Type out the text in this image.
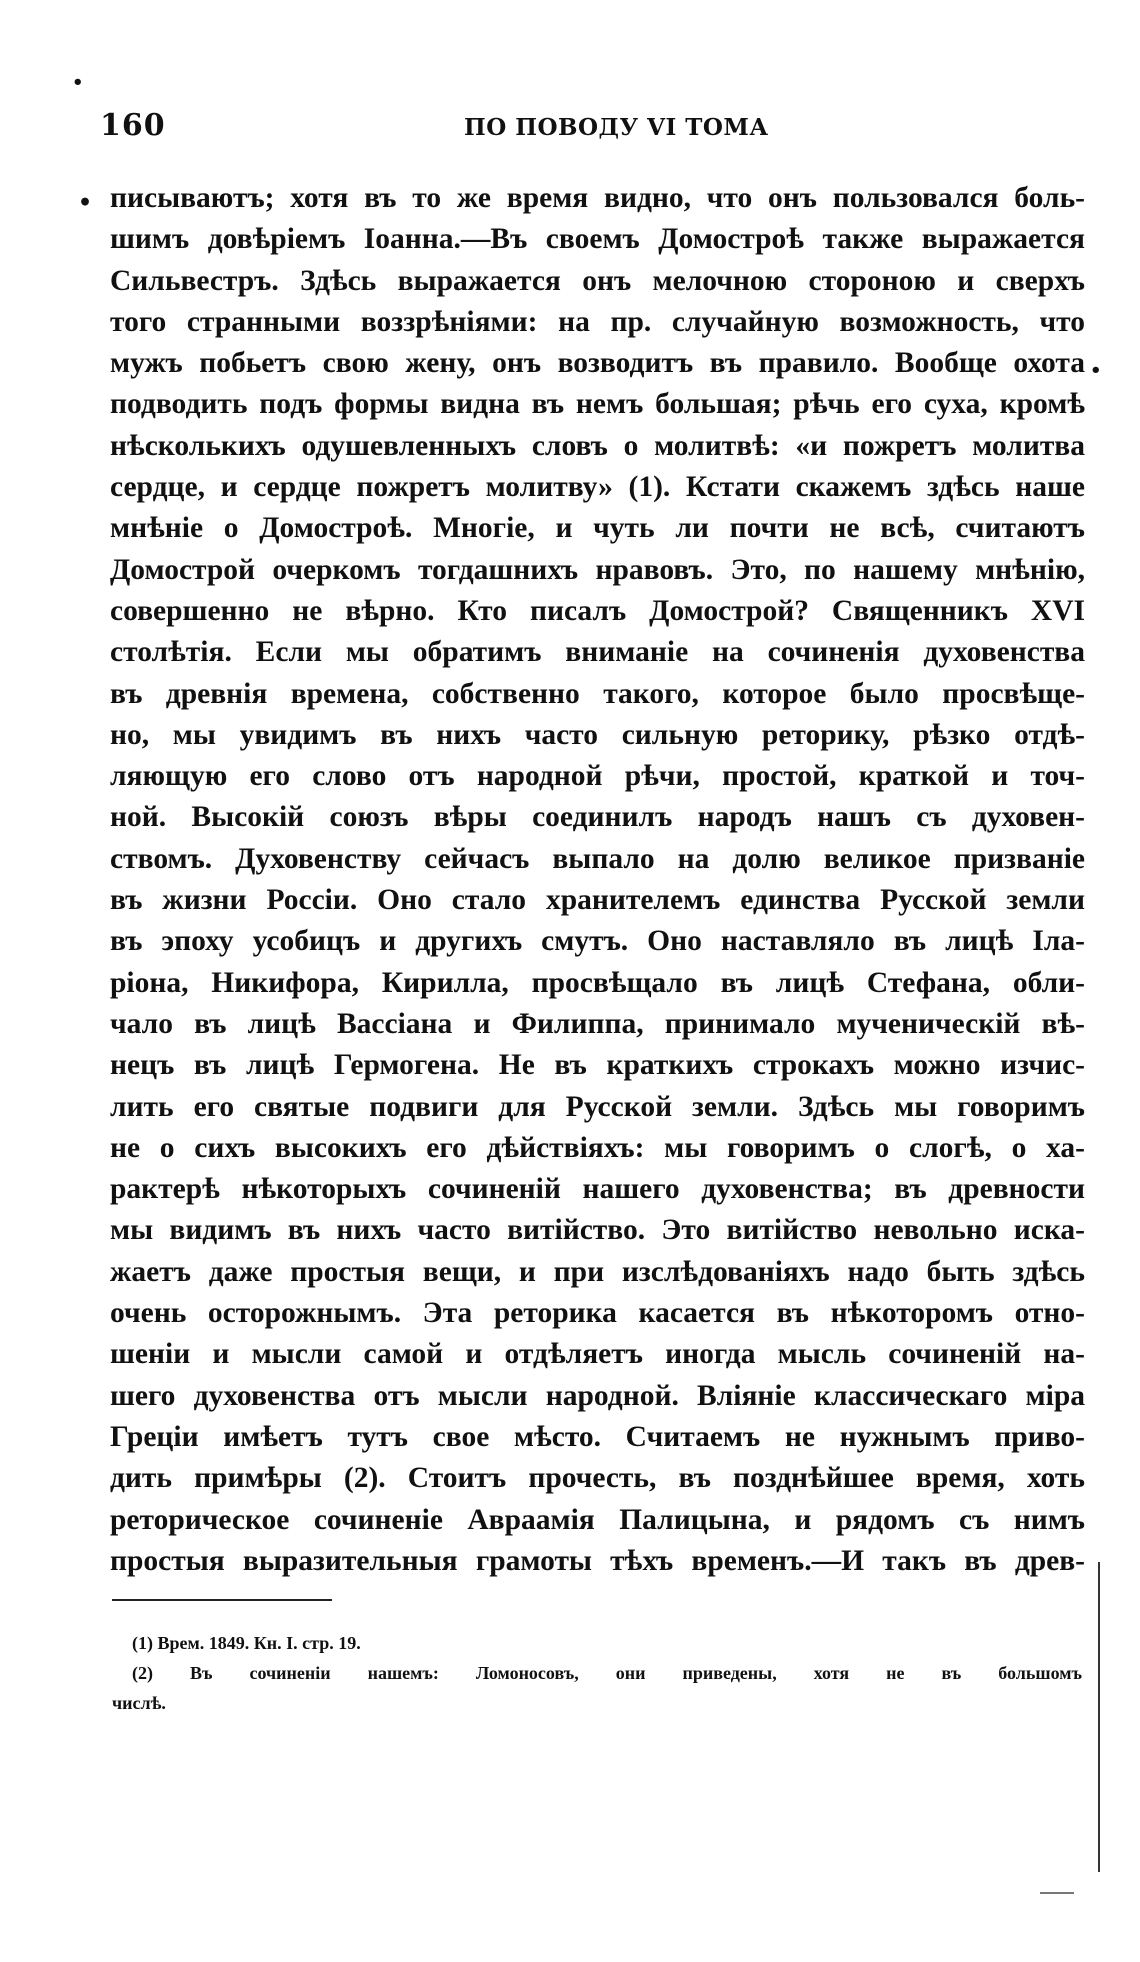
160	ПО ПОВОДУ VI ТОМА
•
•
•
писываютъ; хотя въ то же время видно, что онъ пользовался боль-
шимъ довѣріемъ Іоанна.—Въ своемъ Домостроѣ также выражается
Сильвестръ. Здѣсь выражается онъ мелочною стороною и сверхъ
того странными воззрѣніями: на пр. случайную возможность, что
мужъ побьетъ свою жену, онъ возводитъ въ правило. Вообще охота
подводить подъ формы видна въ немъ большая; рѣчь его суха, кромѣ
нѣсколькихъ одушевленныхъ словъ о молитвѣ: «и пожретъ молитва
сердце, и сердце пожретъ молитву» (1). Кстати скажемъ здѣсь наше
мнѣніе о Домостроѣ. Многіе, и чуть ли почти не всѣ, считаютъ
Домострой очеркомъ тогдашнихъ нравовъ. Это, по нашему мнѣнію,
совершенно не вѣрно. Кто писалъ Домострой? Священникъ XVI
столѣтія. Если мы обратимъ вниманіе на сочиненія духовенства
въ древнія времена, собственно такого, которое было просвѣще-
но, мы увидимъ въ нихъ часто сильную реторику, рѣзко отдѣ-
ляющую его слово отъ народной рѣчи, простой, краткой и точ-
ной. Высокій союзъ вѣры соединилъ народъ нашъ съ духовен-
ствомъ. Духовенству сейчасъ выпало на долю великое призваніе
въ жизни Россіи. Оно стало хранителемъ единства Русской земли
въ эпоху усобицъ и другихъ смутъ. Оно наставляло въ лицѣ Іла-
ріона, Никифора, Кирилла, просвѣщало въ лицѣ Стефана, обли-
чало въ лицѣ Вассіана и Филиппа, принимало мученическій вѣ-
нецъ въ лицѣ Гермогена. Не въ краткихъ строкахъ можно изчис-
лить его святые подвиги для Русской земли. Здѣсь мы говоримъ
не о сихъ высокихъ его дѣйствіяхъ: мы говоримъ о слогѣ, о ха-
рактерѣ нѣкоторыхъ сочиненій нашего духовенства; въ древности
мы видимъ въ нихъ часто витійство. Это витійство невольно иска-
жаетъ даже простыя вещи, и при изслѣдованіяхъ надо быть здѣсь
очень осторожнымъ. Эта реторика касается въ нѣкоторомъ отно-
шеніи и мысли самой и отдѣляетъ иногда мысль сочиненій на-
шего духовенства отъ мысли народной. Вліяніе классическаго міра
Греціи имѣетъ тутъ свое мѣсто. Считаемъ не нужнымъ приво-
дить примѣры (2). Стоитъ прочесть, въ позднѣйшее время, хоть
реторическое сочиненіе Авраамія Палицына, и рядомъ съ нимъ
простыя выразительныя грамоты тѣхъ временъ.—И такъ въ древ-
(1) Врем. 1849. Кн. I. стр. 19.
(2) Въ сочиненіи нашемъ: Ломоносовъ, они приведены, хотя не въ большомъ
числѣ.
